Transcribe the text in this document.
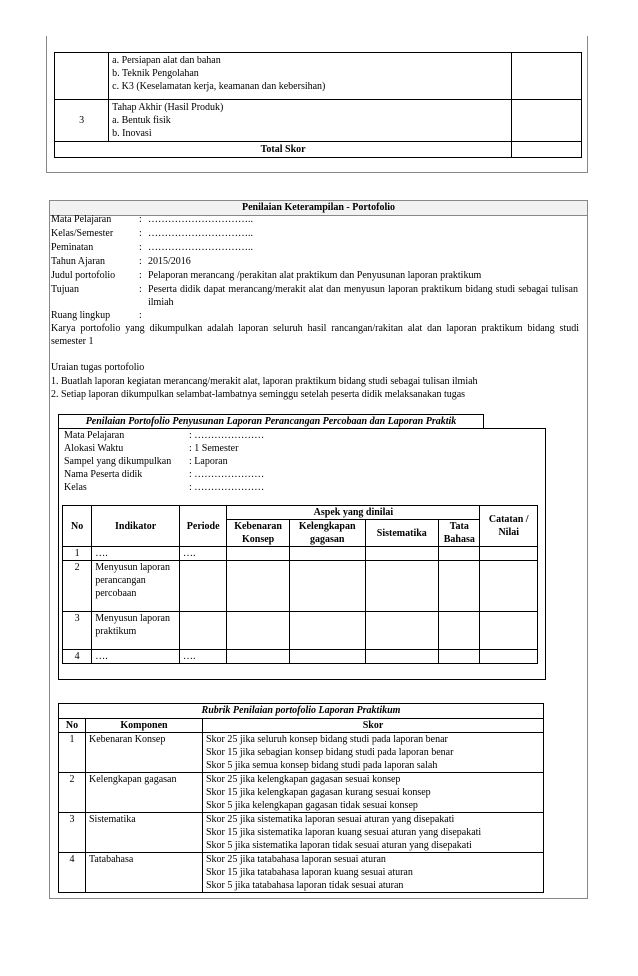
	a. Persiapan alat dan bahan
b. Teknik Pengolahan
c. K3 (Keselamatan kerja, keamanan dan kebersihan)	

3	Tahap Akhir (Hasil Produk)
a. Bentuk fisik
b. Inovasi	

Total Skor		
Penilaian Keterampilan - Portofolio
Mata Pelajaran	: …………………………..
Kelas/Semester	: …………………………..
Peminatan	: …………………………..
Tahun Ajaran	: 2015/2016
Judul portofolio : Pelaporan merancang /perakitan alat praktikum dan Penyusunan laporan praktikum
Tujuan	: Peserta didik dapat merancang/merakit alat dan menyusun laporan praktikum bidang studi sebagai tulisan ilmiah
Ruang lingkup	:
Karya portofolio yang dikumpulkan adalah laporan seluruh hasil rancangan/rakitan alat dan laporan praktikum bidang studi semester 1
Uraian tugas portofolio
1. Buatlah laporan kegiatan merancang/merakit alat, laporan praktikum bidang studi sebagai tulisan ilmiah
2. Setiap laporan dikumpulkan selambat-lambatnya seminggu setelah peserta didik melaksanakan tugas
Penilaian Portofolio Penyusunan Laporan Perancangan Percobaan dan Laporan Praktik
Mata Pelajaran	: …………………
Alokasi Waktu	: 1 Semester
Sampel yang dikumpulkan : Laporan
Nama Peserta didik	: …………………
Kelas	: …………………
No	Indikator	Periode	Aspek yang dinilai				Catatan / Nilai
			Kebenaran Konsep	Kelengkapan gagasan	Sistematika	Tata Bahasa	
1	….	….					
2	Menyusun laporan perancangan percobaan						
3	Menyusun laporan praktikum						
4	….	….					
Rubrik Penilaian portofolio Laporan Praktikum
No	Komponen	Skor
1	Kebenaran Konsep	Skor 25 jika seluruh konsep bidang studi pada laporan benar
Skor 15 jika sebagian konsep bidang studi pada laporan benar
Skor 5 jika semua konsep bidang studi pada laporan salah

2	Kelengkapan gagasan	Skor 25 jika kelengkapan gagasan sesuai konsep
Skor 15 jika kelengkapan gagasan kurang sesuai konsep
Skor 5 jika kelengkapan gagasan tidak sesuai konsep

3	Sistematika	Skor 25 jika sistematika laporan sesuai aturan yang disepakati
Skor 15 jika sistematika laporan kuang sesuai aturan yang disepakati
Skor 5 jika sistematika laporan tidak sesuai aturan yang disepakati

4	Tatabahasa	Skor 25 jika tatabahasa laporan sesuai aturan
Skor 15 jika tatabahasa laporan kuang sesuai aturan
Skor 5 jika tatabahasa laporan tidak sesuai aturan
